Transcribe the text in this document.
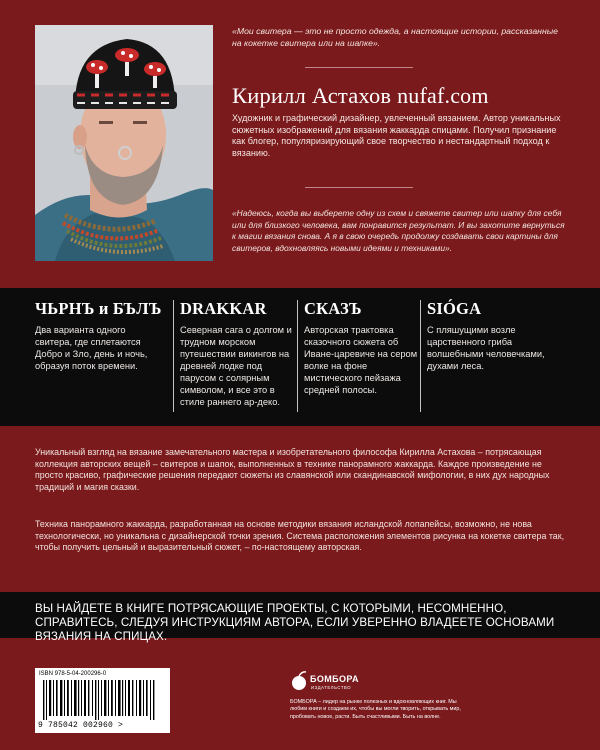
«Мои свитера — это не просто одежда, а настоящие истории, рассказанные на кокетке свитера или на шапке».

Кирилл Астахов nufaf.com

Художник и графический дизайнер, увлеченный вязанием. Автор уникальных сюжетных изображений для вязания жаккарда спицами. Получил признание как блогер, популяризирующий свое творчество и нестандартный подход к вязанию.

«Надеюсь, когда вы выберете одну из схем и свяжете свитер или шапку для себя или для близкого человека, вам понравится результат. И вы захотите вернуться к магии вязания снова. А я в свою очередь продолжу создавать свои картины для свитеров, вдохновляясь новыми идеями и техниками».

ЧЬРНЪ и БЪЛЪ

Два варианта одного свитера, где сплетаются Добро и Зло, день и ночь, образуя поток времени.

DRAKKAR

Северная сага о долгом и трудном морском путешествии викингов на древней лодке под парусом с солярным символом, и все это в стиле раннего ар-деко.

СКАЗЪ

Авторская трактовка сказочного сюжета об Иване-царевиче на сером волке на фоне мистического пейзажа средней полосы.

SIÓGA

С пляшущими возле царственного гриба волшебными человечками, духами леса.

Уникальный взгляд на вязание замечательного мастера и изобретательного философа Кирилла Астахова – потрясающая коллекция авторских вещей – свитеров и шапок, выполненных в технике панорамного жаккарда. Каждое произведение не просто красиво, графические решения передают сюжеты из славянской или скандинавской мифологии, в них дух народных традиций и магия сказки.

Техника панорамного жаккарда, разработанная на основе методики вязания исландской лопапейсы, возможно, не нова технологически, но уникальна с дизайнерской точки зрения. Система расположения элементов рисунка на кокетке свитера так, чтобы получить цельный и выразительный сюжет, – по-настоящему авторская.

ВЫ НАЙДЕТЕ В КНИГЕ ПОТРЯСАЮЩИЕ ПРОЕКТЫ, С КОТОРЫМИ, НЕСОМНЕННО, СПРАВИТЕСЬ, СЛЕДУЯ ИНСТРУКЦИЯМ АВТОРА, ЕСЛИ УВЕРЕННО ВЛАДЕЕТЕ ОСНОВАМИ ВЯЗАНИЯ НА СПИЦАХ.

ISBN 978-5-04-200296-0
9 785042 002960 >
БОМБОРА
ИЗДАТЕЛЬСТВО

БОМБОРА – лидер на рынке полезных и вдохновляющих книг. Мы любим книги и создаем их, чтобы вы могли творить, открывать мир, пробовать новое, расти. Быть счастливыми. Быть на волне.
